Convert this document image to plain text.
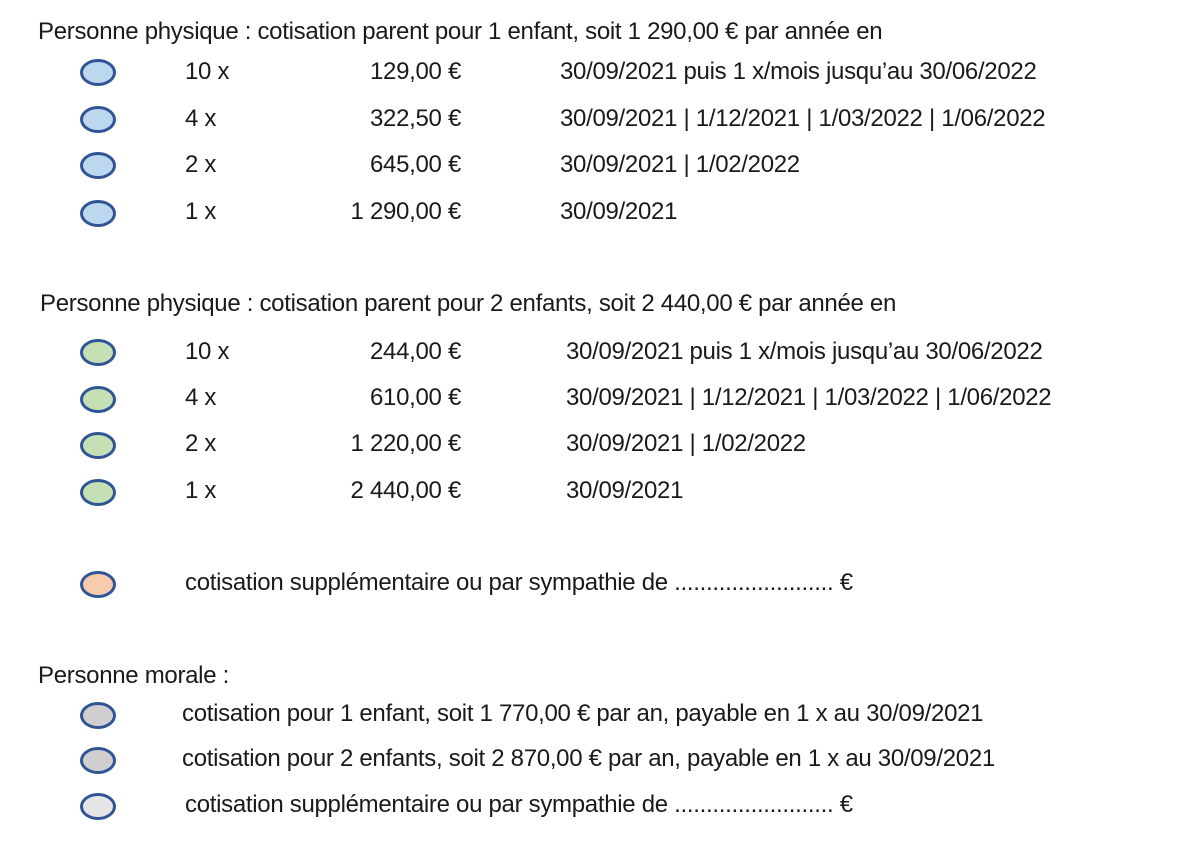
Personne physique : cotisation parent pour 1 enfant, soit 1 290,00 € par année en
10 x	129,00 €	30/09/2021 puis 1 x/mois jusqu’au 30/06/2022
4 x	322,50 €	30/09/2021 | 1/12/2021 | 1/03/2022 | 1/06/2022
2 x	645,00 €	30/09/2021 | 1/02/2022
1 x	1 290,00 €	30/09/2021
Personne physique : cotisation parent pour 2 enfants, soit 2 440,00 € par année en
10 x	244,00 €	30/09/2021 puis 1 x/mois jusqu’au 30/06/2022
4 x	610,00 €	30/09/2021 | 1/12/2021 | 1/03/2022 | 1/06/2022
2 x	1 220,00 €	30/09/2021 | 1/02/2022
1 x	2 440,00 €	30/09/2021
cotisation supplémentaire ou par sympathie de ......................... €
Personne morale :
cotisation pour 1 enfant, soit 1 770,00 € par an, payable en 1 x au 30/09/2021
cotisation pour 2 enfants, soit 2 870,00 € par an, payable en 1 x au 30/09/2021
cotisation supplémentaire ou par sympathie de ......................... €
